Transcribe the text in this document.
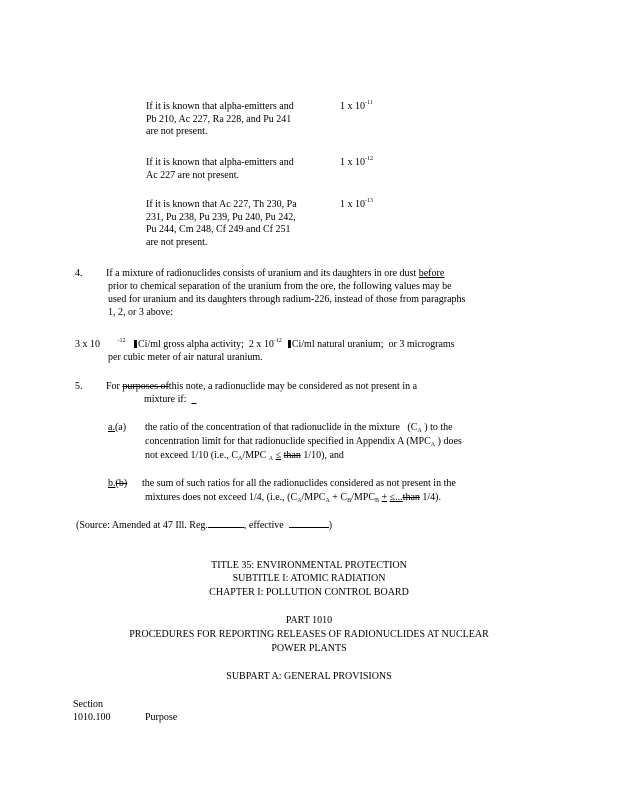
If it is known that alpha-emitters and
Pb 210, Ac 227, Ra 228, and Pu 241
are not present.
1 x $10^{-11}$
If it is known that alpha-emitters and
Ac 227 are not present.
1 x $10^{-12}$
If it is known that Ac 227, Th 230, Pa
231, Pu 238, Pu 239, Pu 240, Pu 242,
Pu 244, Cm 248, Cf 249 and Cf 251
are not present.
1 x $10^{-13}$
4. If a mixture of radionuclides consists of uranium and its daughters in ore dust before
prior to chemical separation of the uranium from the ore, the following values may be
used for uranium and its daughters through radium-226, instead of those from paragraphs
1, 2, or 3 above:
3 x 10	$^{-12}$ Ci/ml gross alpha activity; 2 x $10^{-12}$ Ci/ml natural uranium; or 3 micrograms
per cubic meter of air natural uranium.
5. For purposes ofthis note, a radionuclide may be considered as not present in a
mixture if:
a.(a) the ratio of the concentration of that radionuclide in the mixture ($C_A$ ) to the
concentration limit for that radionuclide specified in Appendix A ($MPC_A$ ) does
not exceed 1/10 (i.e., $C_A$/MPC $_A$ ≤ than 1/10), and
b.(b) the sum of such ratios for all the radionuclides considered as not present in the
mixtures does not exceed 1/4, (i.e., ($C_A/MPC_A + C_B/MPC_B$ + ≤...than 1/4).
(Source: Amended at 47 Ill. Reg.	, effective	)
TITLE 35: ENVIRONMENTAL PROTECTION
SUBTITLE I: ATOMIC RADIATION
CHAPTER I: POLLUTION CONTROL BOARD
PART 1010
PROCEDURES FOR REPORTING RELEASES OF RADIONUCLIDES AT NUCLEAR
POWER PLANTS
SUBPART A: GENERAL PROVISIONS
Section
1010.100	Purpose
